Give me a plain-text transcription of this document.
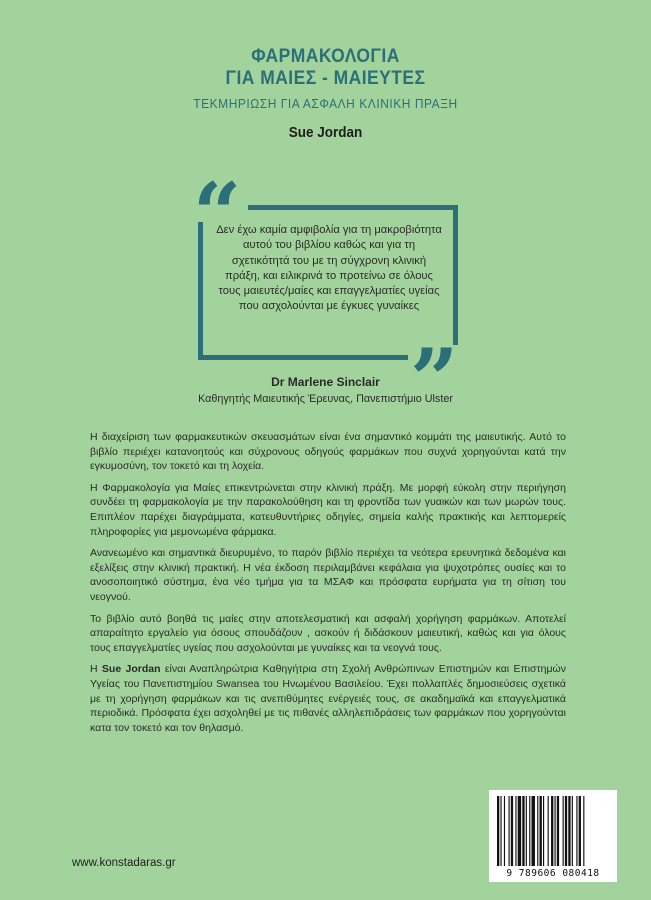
ΦΑΡΜΑΚΟΛΟΓΙΑ
ΓΙΑ ΜΑΙΕΣ - ΜΑΙΕΥΤΕΣ
ΤΕΚΜΗΡΙΩΣΗ ΓΙΑ ΑΣΦΑΛΗ ΚΛΙΝΙΚΗ ΠΡΑΞΗ
Sue Jordan
“
”
Δεν έχω καμία αμφιβολία για τη μακροβιότητα αυτού του βιβλίου καθώς και για τη σχετικότητά του με τη σύγχρονη κλινική πράξη, και ειλικρινά το προτείνω σε όλους τους μαιευτές/μαίες και επαγγελματίες υγείας που ασχολούνται με έγκυες γυναίκες
Dr Marlene Sinclair
Καθηγητής Μαιευτικής Έρευνας, Πανεπιστήμιο Ulster

Η διαχείριση των φαρμακευτικών σκευασμάτων είναι ένα σημαντικό κομμάτι της μαιευτικής. Αυτό το βιβλίο περιέχει κατανοητούς και σύχρονους οδηγούς φαρμάκων που συχνά χορηγούνται κατά την εγκυμοσύνη, τον τοκετό και τη λοχεία.

Η Φαρμακολογία για Μαίες επικεντρώνεται στην κλινική πράξη. Με μορφή εύκολη στην περιήγηση συνδέει τη φαρμακολογία με την παρακολούθηση και τη φροντίδα των γυαικών και των μωρών τους. Επιπλέον παρέχει διαγράμματα, κατευθυντήριες οδηγίες, σημεία καλής πρακτικής και λεπτομερείς πληροφορίες για μεμονωμένα φάρμακα.

Ανανεωμένο και σημαντικά διευρυμένο, το παρόν βιβλίο περιέχει τα νεότερα ερευνητικά δεδομένα και εξελίξεις στην κλινική πρακτική. Η νέα έκδοση περιλαμβάνει κεφάλαια για ψυχοτρόπες ουσίες και το ανοσοποιητικό σύστημα, ένα νέο τμήμα για τα ΜΣΑΦ και πρόσφατα ευρήματα για τη σίτιση του νεογνού.

Το βιβλίο αυτό βοηθά τις μαίες στην αποτελεσματική και ασφαλή χορήγηση φαρμάκων. Αποτελεί απαραίτητο εργαλείο για όσους σπουδάζουν , ασκούν ή διδάσκουν μαιευτική, καθώς και για όλους τους επαγγελματίες υγείας που ασχολούνται με γυναίκες και τα νεογνά τους.

Η Sue Jordan είναι Αναπληρώτρια Καθηγήτρια στη Σχολή Ανθρώπινων Επιστημών και Επιστημών Υγείας του Πανεπιστημίου Swansea του Ηνωμένου Βασιλείου. Έχει πολλαπλές δημοσιεύσεις σχετικά με τη χορήγηση φαρμάκων και τις ανεπιθύμητες ενέργειές τους, σε ακαδημαϊκά και επαγγελματικά περιοδικά. Πρόσφατα έχει ασχοληθεί με τις πιθανές αλληλεπιδράσεις των φαρμάκων που χορηγούνται κατα τον τοκετό και τον θηλασμό.

www.konstadaras.gr
9 789606 080418
